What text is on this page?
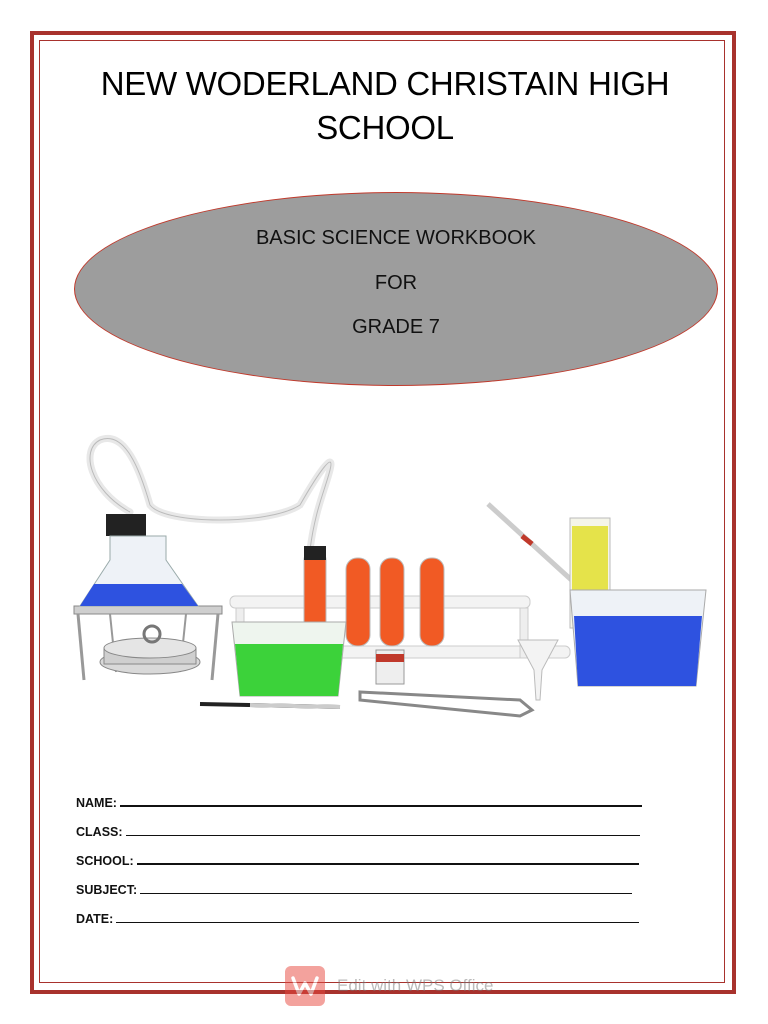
NEW WODERLAND CHRISTAIN HIGH
SCHOOL
BASIC SCIENCE WORKBOOK
FOR
GRADE 7
NAME:
CLASS:
SCHOOL:
SUBJECT:
DATE:
Edit with WPS Office
